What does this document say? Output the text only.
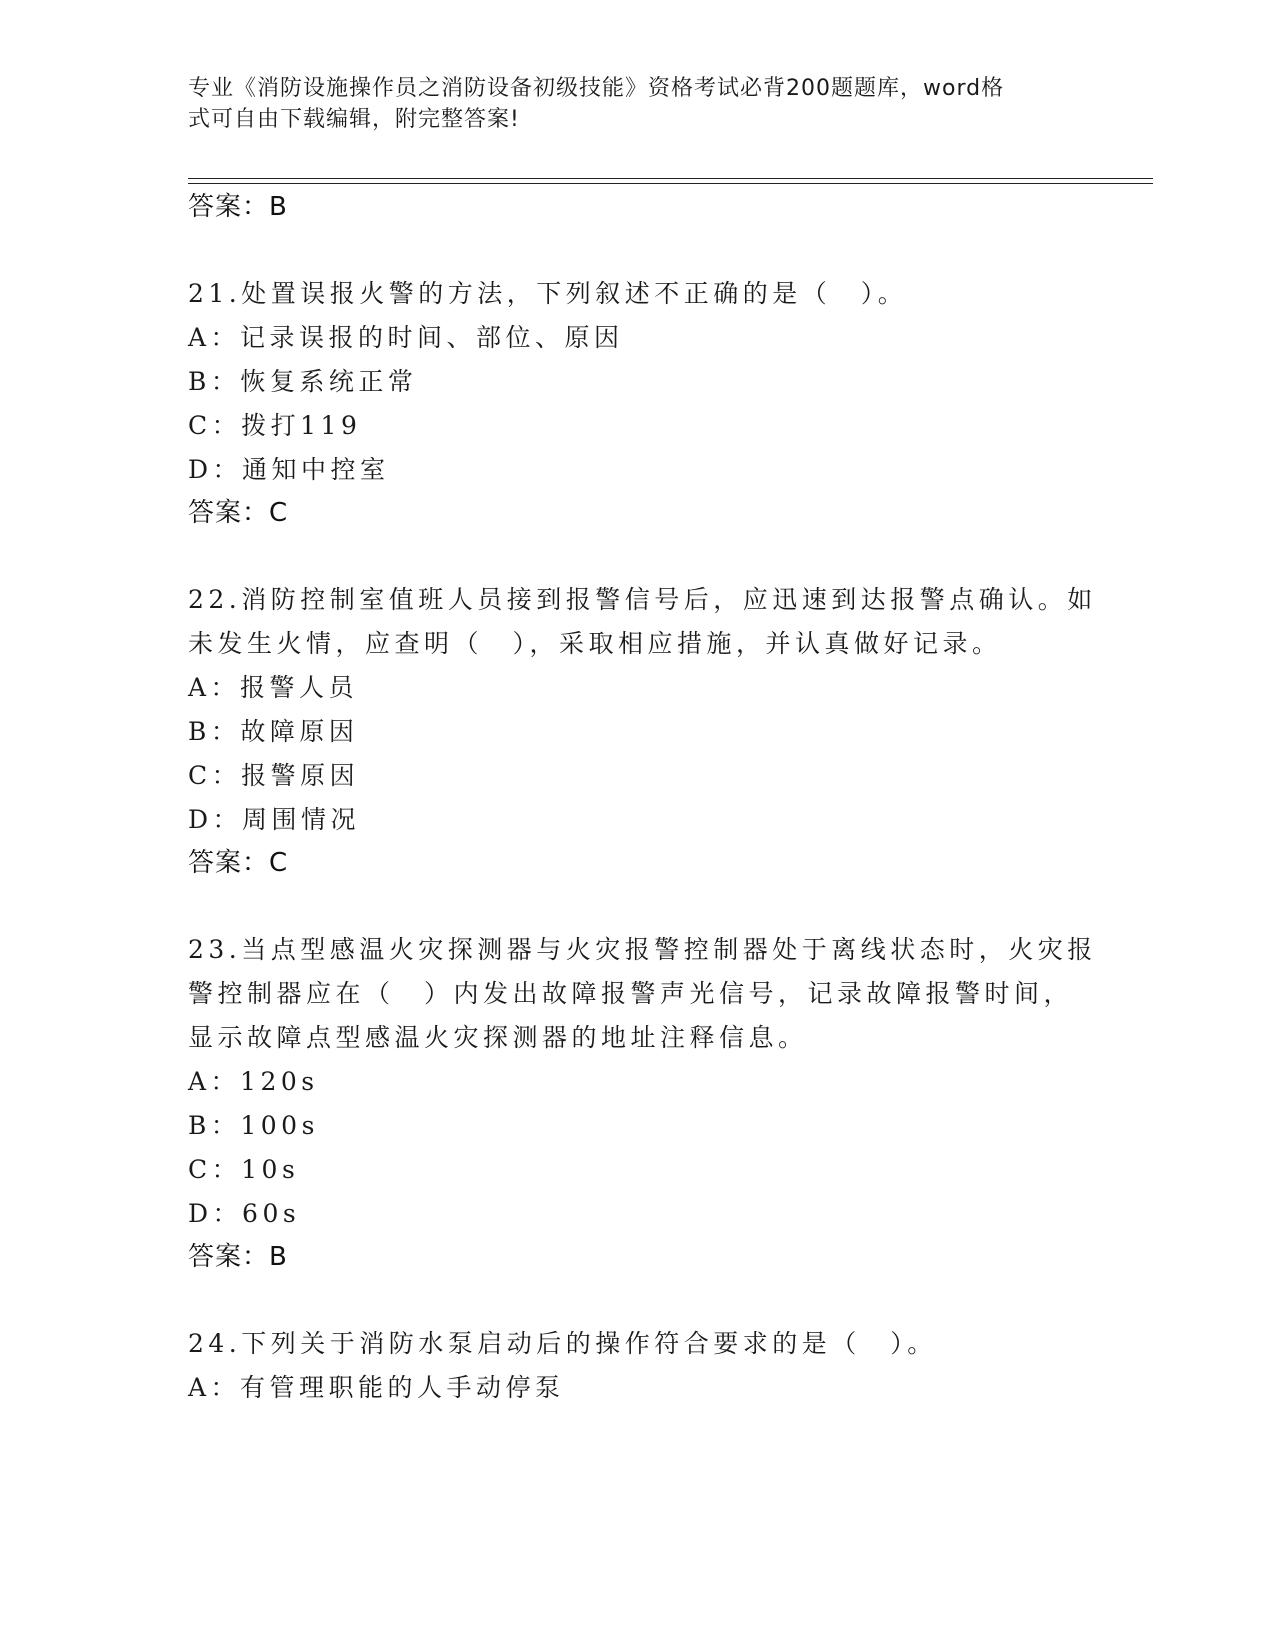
专业《消防设施操作员之消防设备初级技能》资格考试必背200题题库，word格
式可自由下载编辑，附完整答案!
答案：B
21.处置误报火警的方法，下列叙述不正确的是（　）。
A：记录误报的时间、部位、原因
B：恢复系统正常
C：拨打119
D：通知中控室
答案：C
22.消防控制室值班人员接到报警信号后，应迅速到达报警点确认。如
未发生火情，应查明（　），采取相应措施，并认真做好记录。
A：报警人员
B：故障原因
C：报警原因
D：周围情况
答案：C
23.当点型感温火灾探测器与火灾报警控制器处于离线状态时，火灾报
警控制器应在（　）内发出故障报警声光信号，记录故障报警时间，
显示故障点型感温火灾探测器的地址注释信息。
A：120s
B：100s
C：10s
D：60s
答案：B
24.下列关于消防水泵启动后的操作符合要求的是（　）。
A：有管理职能的人手动停泵
